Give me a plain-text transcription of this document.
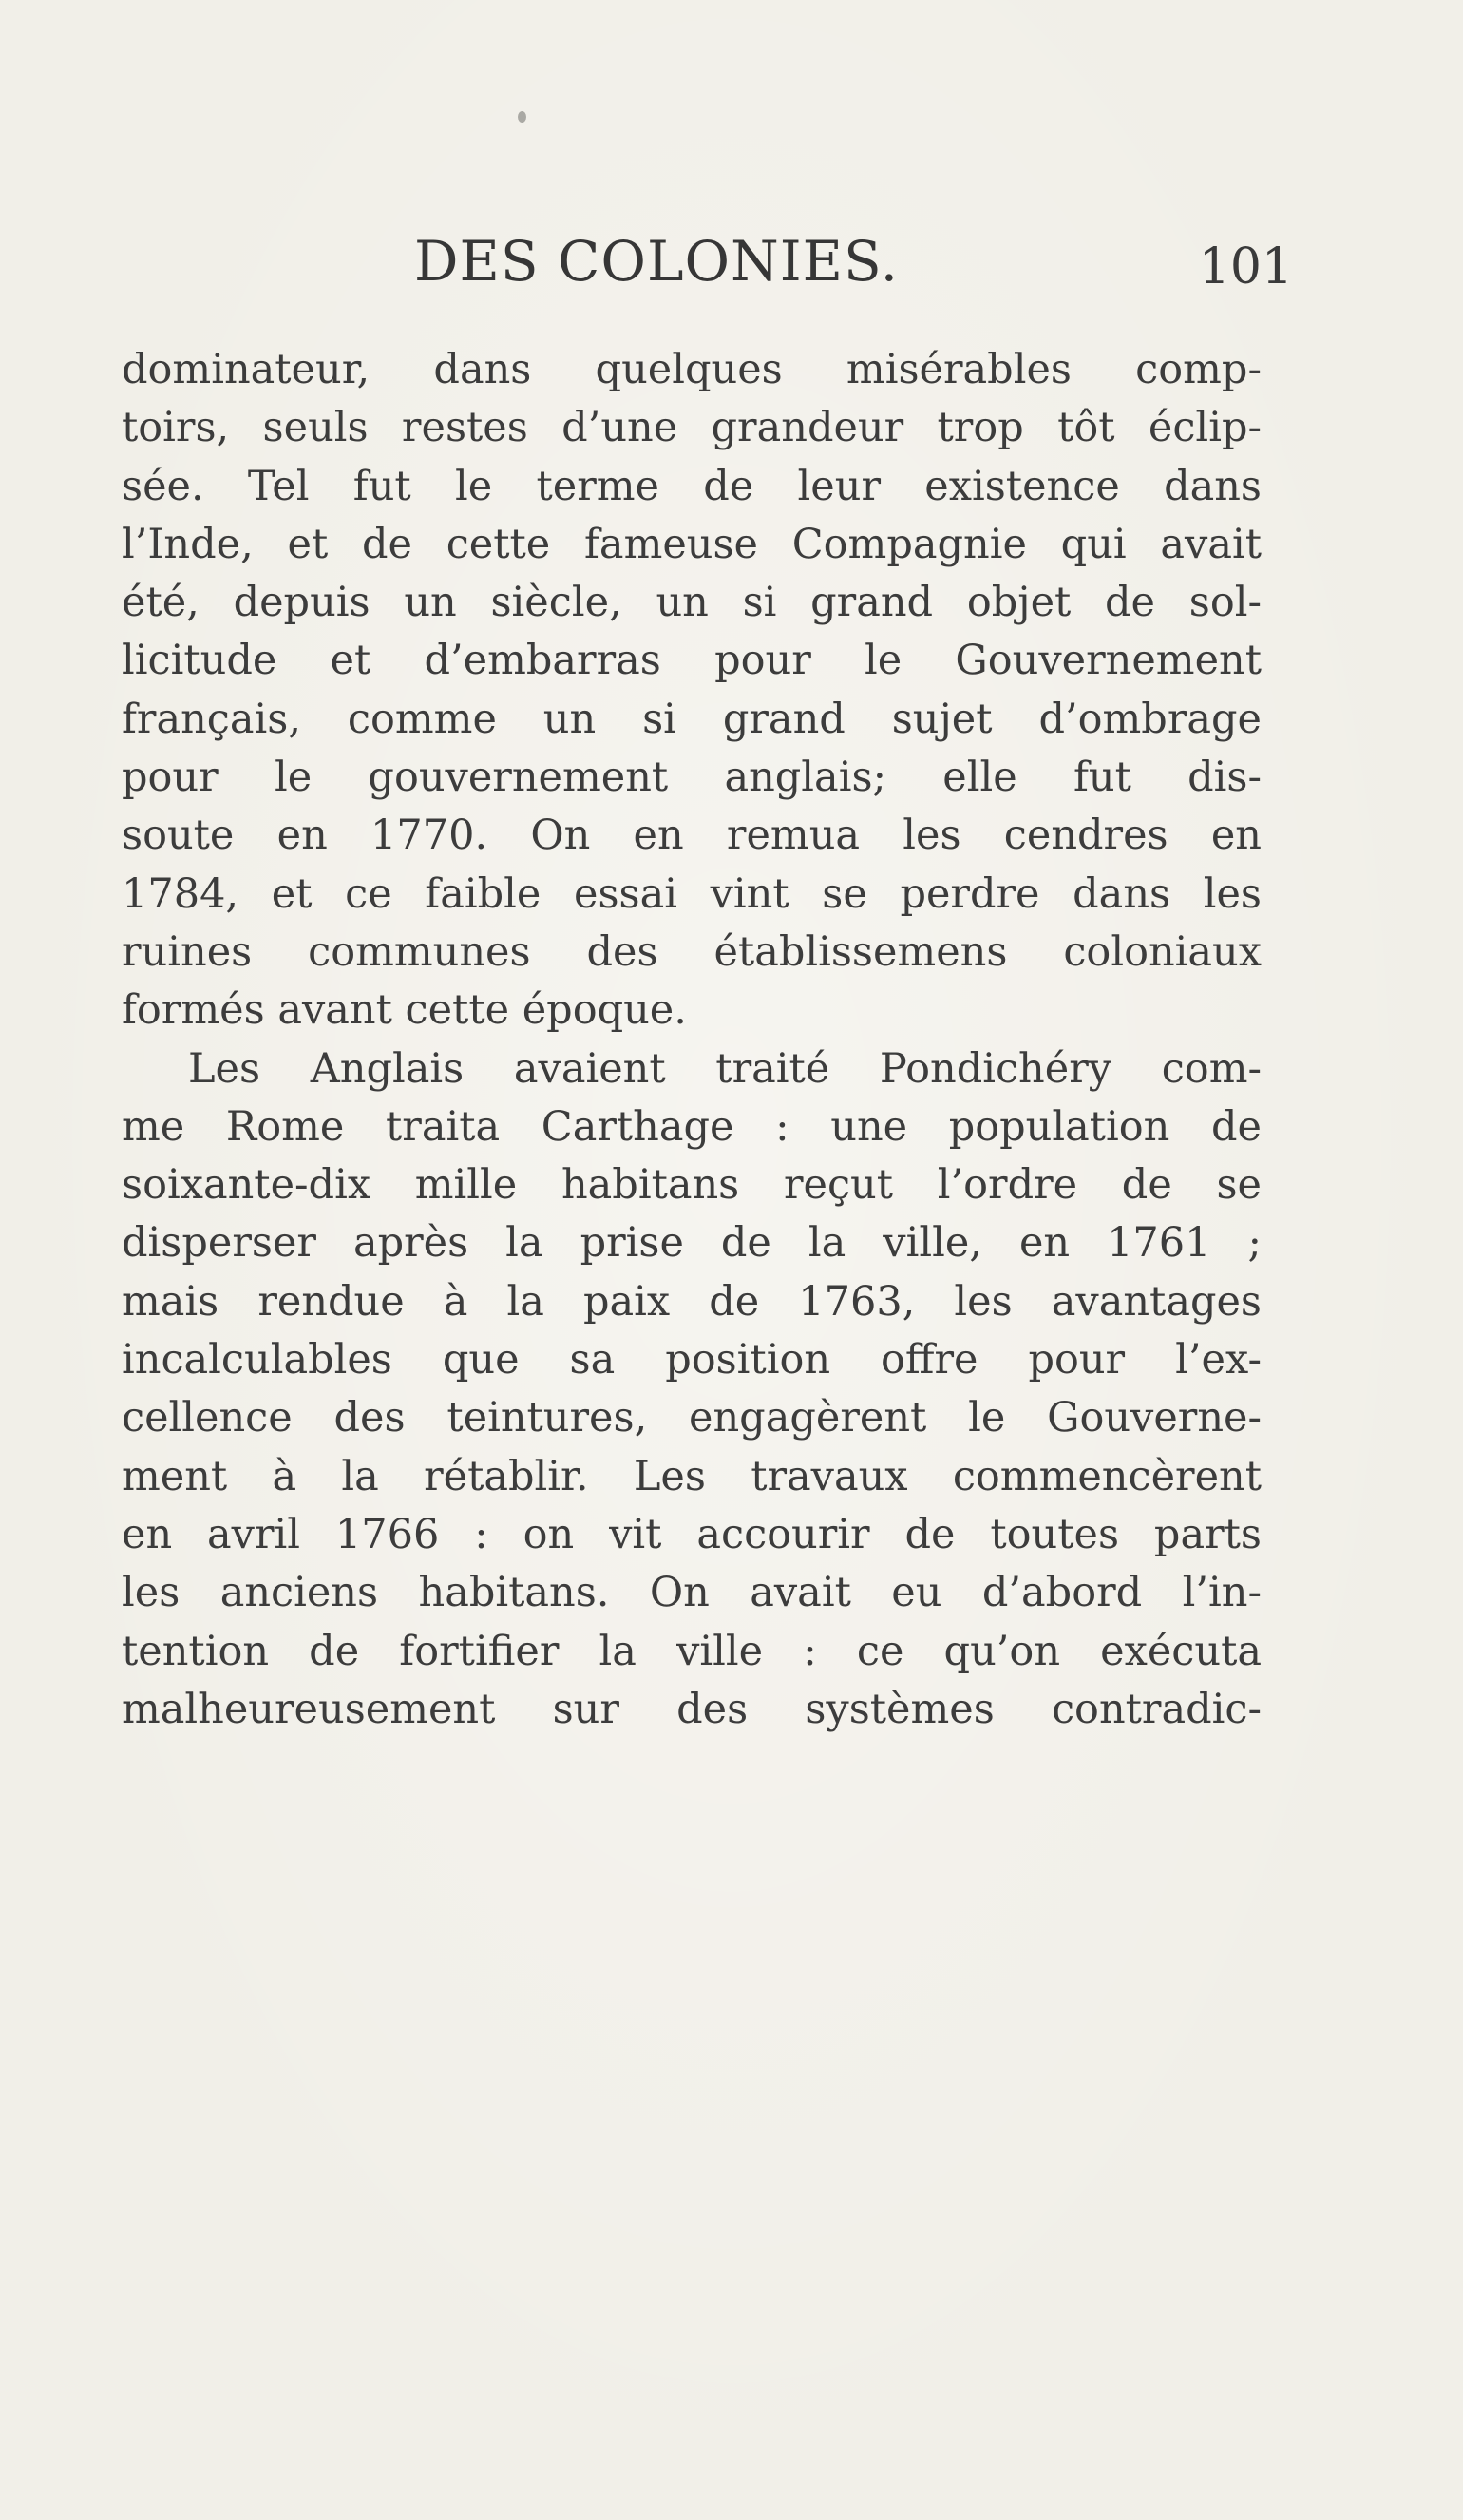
DES COLONIES.	101
dominateur, dans quelques misérables comp-
toirs, seuls restes d’une grandeur trop tôt éclip-
sée. Tel fut le terme de leur existence dans
l’Inde, et de cette fameuse Compagnie qui avait
été, depuis un siècle, un si grand objet de sol-
licitude et d’embarras pour le Gouvernement
français, comme un si grand sujet d’ombrage
pour le gouvernement anglais; elle fut dis-
soute en 1770. On en remua les cendres en
1784, et ce faible essai vint se perdre dans les
ruines communes des établissemens coloniaux
formés avant cette époque.
Les Anglais avaient traité Pondichéry com-
me Rome traita Carthage : une population de
soixante-dix mille habitans reçut l’ordre de se
disperser après la prise de la ville, en 1761 ;
mais rendue à la paix de 1763, les avantages
incalculables que sa position offre pour l’ex-
cellence des teintures, engagèrent le Gouverne-
ment à la rétablir. Les travaux commencèrent
en avril 1766 : on vit accourir de toutes parts
les anciens habitans. On avait eu d’abord l’in-
tention de fortifier la ville : ce qu’on exécuta
malheureusement sur des systèmes contradic-
